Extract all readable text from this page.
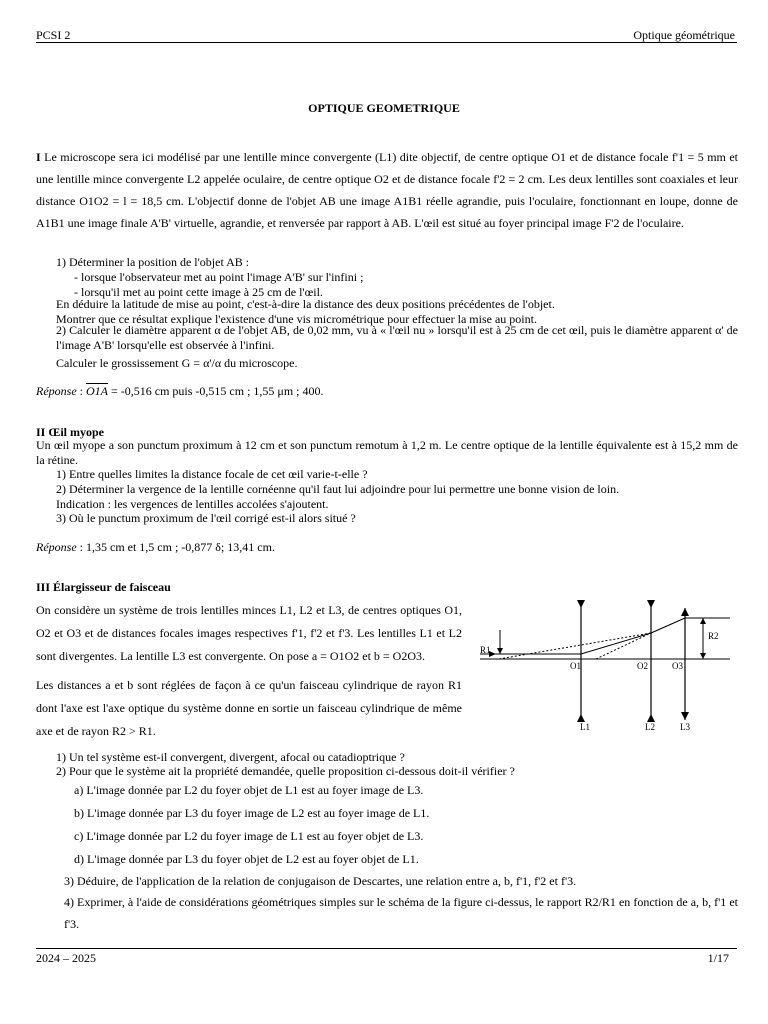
PCSI 2	Optique géométrique
OPTIQUE GEOMETRIQUE
I Le microscope sera ici modélisé par une lentille mince convergente (L1) dite objectif, de centre optique O1 et de distance focale f'1 = 5 mm et une lentille mince convergente L2 appelée oculaire, de centre optique O2 et de distance focale f'2 = 2 cm. Les deux lentilles sont coaxiales et leur distance O1O2 = l = 18,5 cm. L'objectif donne de l'objet AB une image A1B1 réelle agrandie, puis l'oculaire, fonctionnant en loupe, donne de A1B1 une image finale A'B' virtuelle, agrandie, et renversée par rapport à AB. L'œil est situé au foyer principal image F'2 de l'oculaire.
1) Déterminer la position de l'objet AB :
- lorsque l'observateur met au point l'image A'B' sur l'infini ;
- lorsqu'il met au point cette image à 25 cm de l'œil.
En déduire la latitude de mise au point, c'est-à-dire la distance des deux positions précédentes de l'objet.
Montrer que ce résultat explique l'existence d'une vis micrométrique pour effectuer la mise au point.
2) Calculer le diamètre apparent α de l'objet AB, de 0,02 mm, vu à « l'œil nu » lorsqu'il est à 25 cm de cet œil, puis le diamètre apparent α' de l'image A'B' lorsqu'elle est observée à l'infini.
Calculer le grossissement G = α'/α du microscope.
Réponse : O1A = -0,516 cm puis -0,515 cm ; 1,55 μm ; 400.
II Œil myope
Un œil myope a son punctum proximum à 12 cm et son punctum remotum à 1,2 m. Le centre optique de la lentille équivalente est à 15,2 mm de la rétine.
1) Entre quelles limites la distance focale de cet œil varie-t-elle ?
2) Déterminer la vergence de la lentille cornéenne qu'il faut lui adjoindre pour lui permettre une bonne vision de loin.
Indication : les vergences de lentilles accolées s'ajoutent.
3) Où le punctum proximum de l'œil corrigé est-il alors situé ?
Réponse : 1,35 cm et 1,5 cm ; -0,877 δ; 13,41 cm.
III Élargisseur de faisceau
On considère un système de trois lentilles minces L1, L2 et L3, de centres optiques O1, O2 et O3 et de distances focales images respectives f'1, f'2 et f'3. Les lentilles L1 et L2 sont divergentes. La lentille L3 est convergente. On pose a = O1O2 et b = O2O3.
Les distances a et b sont réglées de façon à ce qu'un faisceau cylindrique de rayon R1 dont l'axe est l'axe optique du système donne en sortie un faisceau cylindrique de même axe et de rayon R2 > R1.
R1
R2
O1	O2	O3
L1	L2	L3
1) Un tel système est-il convergent, divergent, afocal ou catadioptrique ?
2) Pour que le système ait la propriété demandée, quelle proposition ci-dessous doit-il vérifier ?
a) L'image donnée par L2 du foyer objet de L1 est au foyer image de L3.
b) L'image donnée par L3 du foyer image de L2 est au foyer image de L1.
c) L'image donnée par L2 du foyer image de L1 est au foyer objet de L3.
d) L'image donnée par L3 du foyer objet de L2 est au foyer objet de L1.
3) Déduire, de l'application de la relation de conjugaison de Descartes, une relation entre a, b, f'1, f'2 et f'3.
4) Exprimer, à l'aide de considérations géométriques simples sur le schéma de la figure ci-dessus, le rapport R2/R1 en fonction de a, b, f'1 et f'3.
2024 – 2025	1/17
